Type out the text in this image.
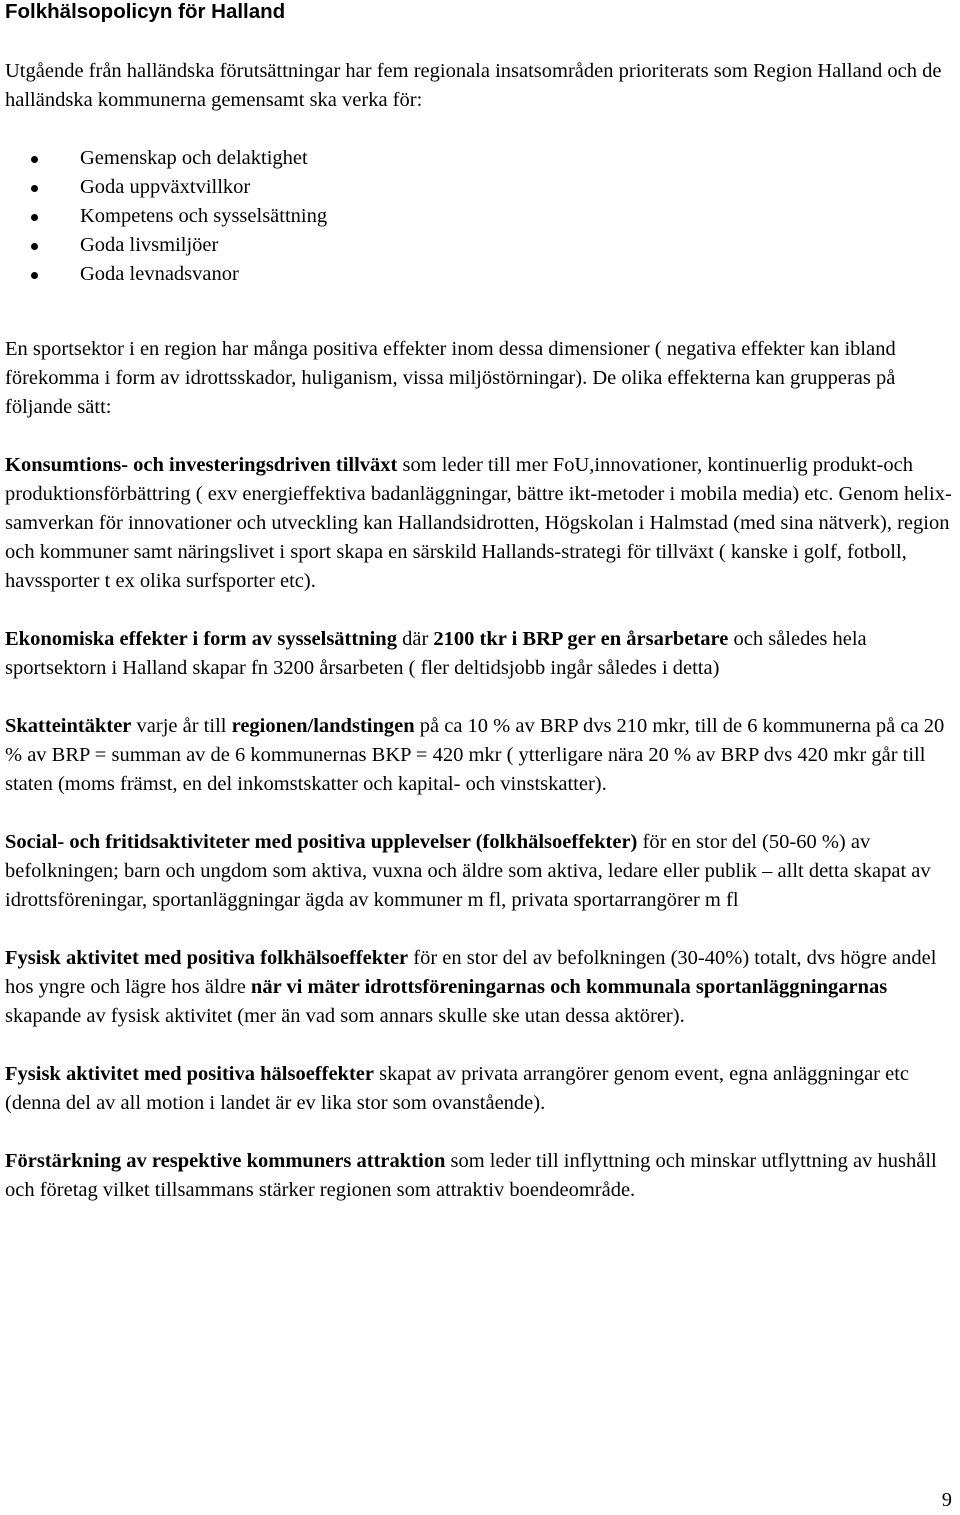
Folkhälsopolicyn för Halland

Utgående från halländska förutsättningar har fem regionala insatsområden prioriterats som Region Halland och de halländska kommunerna gemensamt ska verka för:

Gemenskap och delaktighet
Goda uppväxtvillkor
Kompetens och sysselsättning
Goda livsmiljöer
Goda levnadsvanor

En sportsektor i en region har många positiva effekter inom dessa dimensioner ( negativa effekter kan ibland förekomma i form av idrottsskador, huliganism, vissa miljöstörningar). De olika effekterna kan grupperas på följande sätt:

Konsumtions- och investeringsdriven tillväxt som leder till mer FoU,innovationer, kontinuerlig produkt-och produktionsförbättring ( exv energieffektiva badanläggningar, bättre ikt-metoder i mobila media) etc. Genom helix-samverkan för innovationer och utveckling kan Hallandsidrotten, Högskolan i Halmstad (med sina nätverk), region och kommuner samt näringslivet i sport skapa en särskild Hallands-strategi för tillväxt ( kanske i golf, fotboll, havssporter t ex olika surfsporter etc).

Ekonomiska effekter i form av sysselsättning där 2100 tkr i BRP ger en årsarbetare och således hela sportsektorn i Halland skapar fn 3200 årsarbeten ( fler deltidsjobb ingår således i detta)

Skatteintäkter varje år till regionen/landstingen på ca 10 % av BRP dvs 210 mkr, till de 6 kommunerna på ca 20 % av BRP = summan av de 6 kommunernas BKP = 420 mkr ( ytterligare nära 20 % av BRP dvs 420 mkr går till staten (moms främst, en del inkomstskatter och kapital- och vinstskatter).

Social- och fritidsaktiviteter med positiva upplevelser (folkhälsoeffekter) för en stor del (50-60 %) av befolkningen; barn och ungdom som aktiva, vuxna och äldre som aktiva, ledare eller publik – allt detta skapat av idrottsföreningar, sportanläggningar ägda av kommuner m fl, privata sportarrangörer m fl

Fysisk aktivitet med positiva folkhälsoeffekter för en stor del av befolkningen (30-40%) totalt, dvs högre andel hos yngre och lägre hos äldre när vi mäter idrottsföreningarnas och kommunala sportanläggningarnas skapande av fysisk aktivitet (mer än vad som annars skulle ske utan dessa aktörer).

Fysisk aktivitet med positiva hälsoeffekter skapat av privata arrangörer genom event, egna anläggningar etc (denna del av all motion i landet är ev lika stor som ovanstående).

Förstärkning av respektive kommuners attraktion som leder till inflyttning och minskar utflyttning av hushåll och företag vilket tillsammans stärker regionen som attraktiv boendeområde.

9
